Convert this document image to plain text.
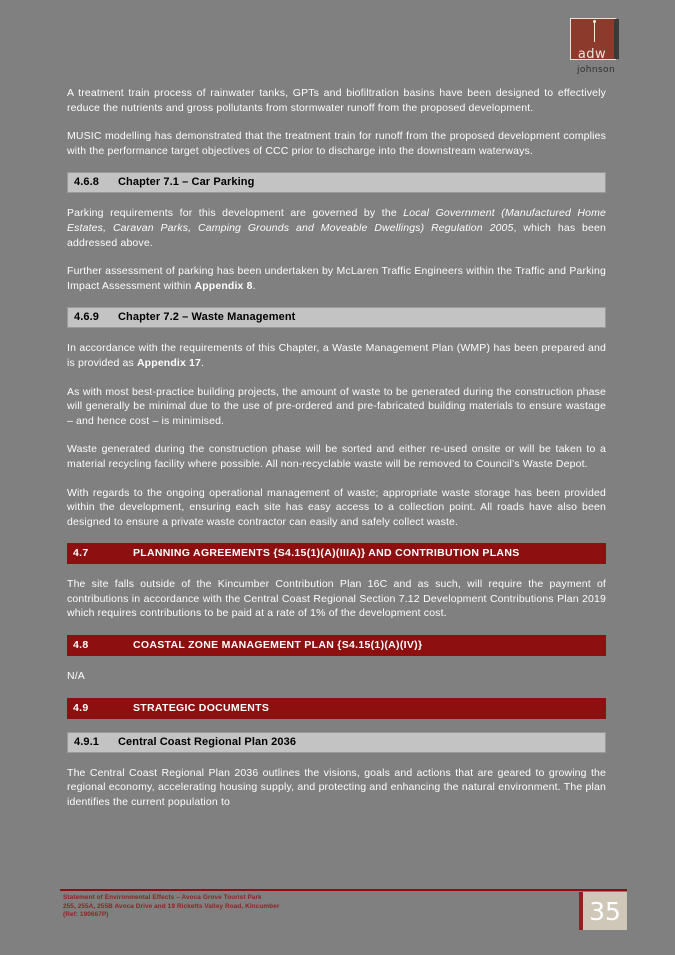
adw
johnson

A treatment train process of rainwater tanks, GPTs and biofiltration basins have been designed to effectively reduce the nutrients and gross pollutants from stormwater runoff from the proposed development.

MUSIC modelling has demonstrated that the treatment train for runoff from the proposed development complies with the performance target objectives of CCC prior to discharge into the downstream waterways.

4.6.8 Chapter 7.1 – Car Parking

Parking requirements for this development are governed by the Local Government (Manufactured Home Estates, Caravan Parks, Camping Grounds and Moveable Dwellings) Regulation 2005, which has been addressed above.

Further assessment of parking has been undertaken by McLaren Traffic Engineers within the Traffic and Parking Impact Assessment within Appendix 8.

4.6.9 Chapter 7.2 – Waste Management

In accordance with the requirements of this Chapter, a Waste Management Plan (WMP) has been prepared and is provided as Appendix 17.

As with most best-practice building projects, the amount of waste to be generated during the construction phase will generally be minimal due to the use of pre-ordered and pre-fabricated building materials to ensure wastage – and hence cost – is minimised.

Waste generated during the construction phase will be sorted and either re-used onsite or will be taken to a material recycling facility where possible. All non-recyclable waste will be removed to Council’s Waste Depot.

With regards to the ongoing operational management of waste; appropriate waste storage has been provided within the development, ensuring each site has easy access to a collection point. All roads have also been designed to ensure a private waste contractor can easily and safely collect waste.

4.7	PLANNING AGREEMENTS {S4.15(1)(A)(IIIA)} AND CONTRIBUTION PLANS

The site falls outside of the Kincumber Contribution Plan 16C and as such, will require the payment of contributions in accordance with the Central Coast Regional Section 7.12 Development Contributions Plan 2019 which requires contributions to be paid at a rate of 1% of the development cost.

4.8	COASTAL ZONE MANAGEMENT PLAN {S4.15(1)(A)(IV)}

N/A

4.9	STRATEGIC DOCUMENTS
4.9.1 Central Coast Regional Plan 2036

The Central Coast Regional Plan 2036 outlines the visions, goals and actions that are geared to growing the regional economy, accelerating housing supply, and protecting and enhancing the natural environment. The plan identifies the current population to

Statement of Environmental Effects – Avoca Grove Tourist Park
255, 255A, 255B Avoca Drive and 19 Ricketts Valley Road, Kincumber
(Ref: 190667P)	35
